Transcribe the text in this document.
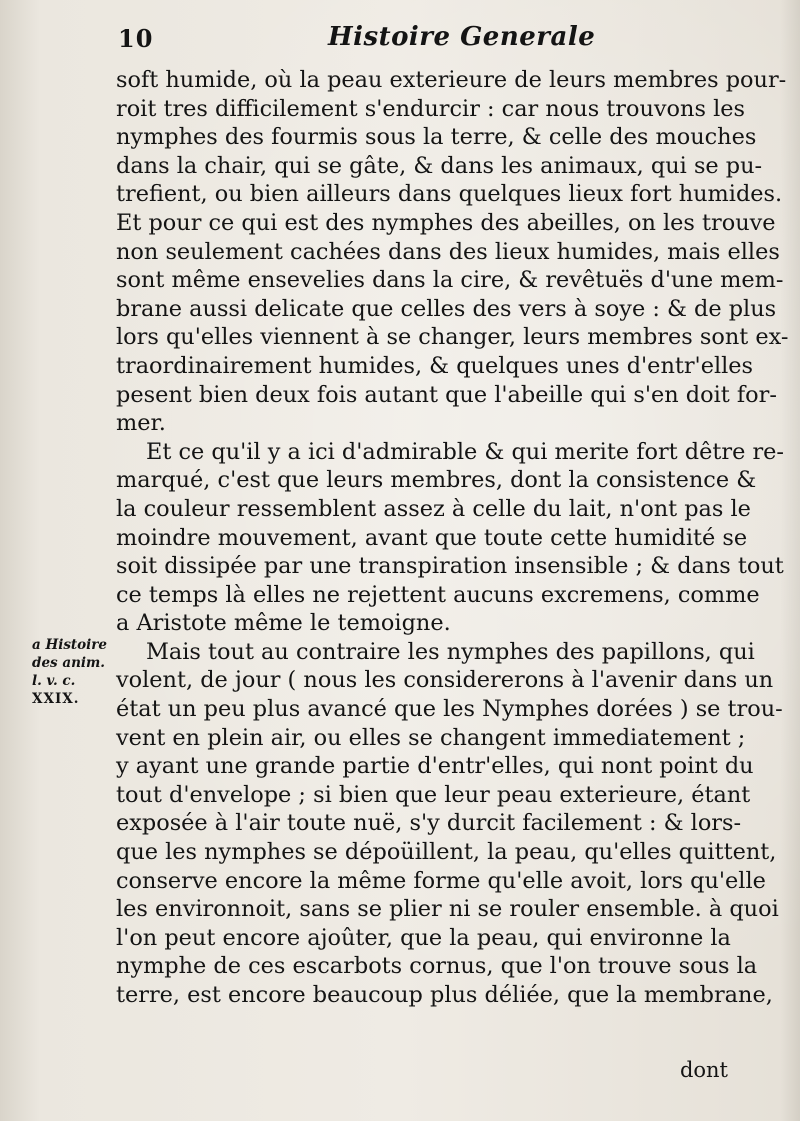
10	Histoire Generale
soft humide, où la peau exterieure de leurs membres pour-
roit tres difficilement s'endurcir : car nous trouvons les
nymphes des fourmis sous la terre, & celle des mouches
dans la chair, qui se gâte, & dans les animaux, qui se pu-
trefient, ou bien ailleurs dans quelques lieux fort humides.
Et pour ce qui est des nymphes des abeilles, on les trouve
non seulement cachées dans des lieux humides, mais elles
sont même ensevelies dans la cire, & revêtuës d'une mem-
brane aussi delicate que celles des vers à soye : & de plus
lors qu'elles viennent à se changer, leurs membres sont ex-
traordinairement humides, & quelques unes d'entr'elles
pesent bien deux fois autant que l'abeille qui s'en doit for-
mer.
Et ce qu'il y a ici d'admirable & qui merite fort dêtre re-
marqué, c'est que leurs membres, dont la consistence &
la couleur ressemblent assez à celle du lait, n'ont pas le
moindre mouvement, avant que toute cette humidité se
soit dissipée par une transpiration insensible ; & dans tout
ce temps là elles ne rejettent aucuns excremens, comme
a Aristote même le temoigne.
Mais tout au contraire les nymphes des papillons, qui
volent, de jour ( nous les considererons à l'avenir dans un
état un peu plus avancé que les Nymphes dorées ) se trou-
vent en plein air, ou elles se changent immediatement ;
y ayant une grande partie d'entr'elles, qui nont point du
tout d'envelope ; si bien que leur peau exterieure, étant
exposée à l'air toute nuë, s'y durcit facilement : & lors-
que les nymphes se dépoüillent, la peau, qu'elles quittent,
conserve encore la même forme qu'elle avoit, lors qu'elle
les environnoit, sans se plier ni se rouler ensemble. à quoi
l'on peut encore ajoûter, que la peau, qui environne la
nymphe de ces escarbots cornus, que l'on trouve sous la
terre, est encore beaucoup plus déliée, que la membrane,
a Histoire
des anim.
l. v. c.
XXIX.
dont
